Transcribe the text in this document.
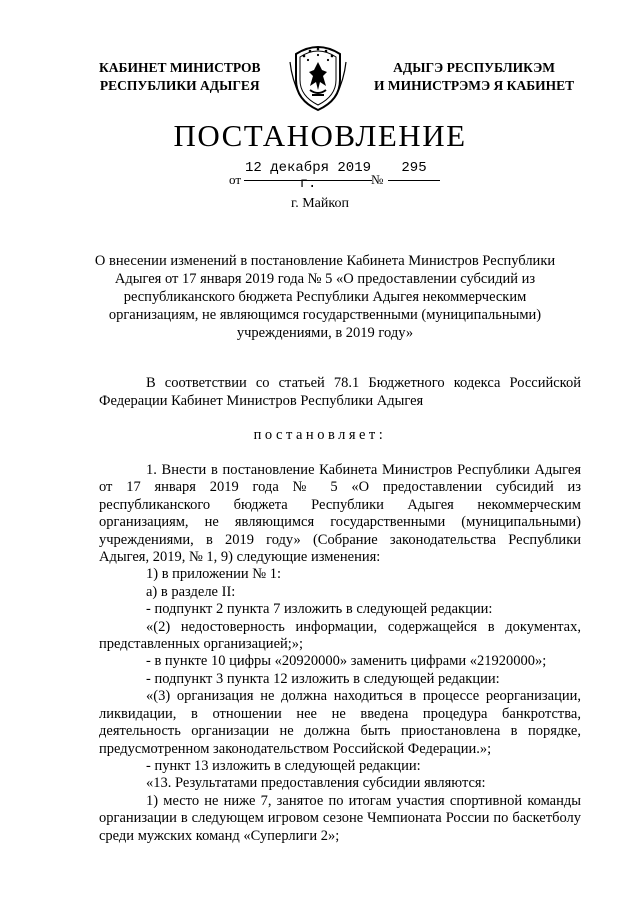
КАБИНЕТ МИНИСТРОВ
РЕСПУБЛИКИ АДЫГЕЯ
АДЫГЭ РЕСПУБЛИКЭМ
И МИНИСТРЭМЭ Я КАБИНЕТ
ПОСТАНОВЛЕНИЕ
от
12 декабря 2019 г.	№
295
г. Майкоп
О внесении изменений в постановление Кабинета Министров Республики Адыгея от 17 января 2019 года № 5 «О предоставлении субсидий из республиканского бюджета Республики Адыгея некоммерческим организациям, не являющимся государственными (муниципальными) учреждениями, в 2019 году»
В соответствии со статьей 78.1 Бюджетного кодекса Российской Федерации Кабинет Министров Республики Адыгея
постановляет:

1. Внести в постановление Кабинета Министров Республики Адыгея от 17 января 2019 года № 5 «О предоставлении субсидий из республиканского бюджета Республики Адыгея некоммерческим организациям, не являющимся государственными (муниципальными) учреждениями, в 2019 году» (Собрание законодательства Республики Адыгея, 2019, № 1, 9) следующие изменения:

1) в приложении № 1:

а) в разделе II:

- подпункт 2 пункта 7 изложить в следующей редакции:

«(2) недостоверность информации, содержащейся в документах, представленных организацией;»;

- в пункте 10 цифры «20920000» заменить цифрами «21920000»;

- подпункт 3 пункта 12 изложить в следующей редакции:

«(3) организация не должна находиться в процессе реорганизации, ликвидации, в отношении нее не введена процедура банкротства, деятельность организации не должна быть приостановлена в порядке, предусмотренном законодательством Российской Федерации.»;

- пункт 13 изложить в следующей редакции:

«13. Результатами предоставления субсидии являются:

1) место не ниже 7, занятое по итогам участия спортивной команды организации в следующем игровом сезоне Чемпионата России по баскетболу среди мужских команд «Суперлиги 2»;
